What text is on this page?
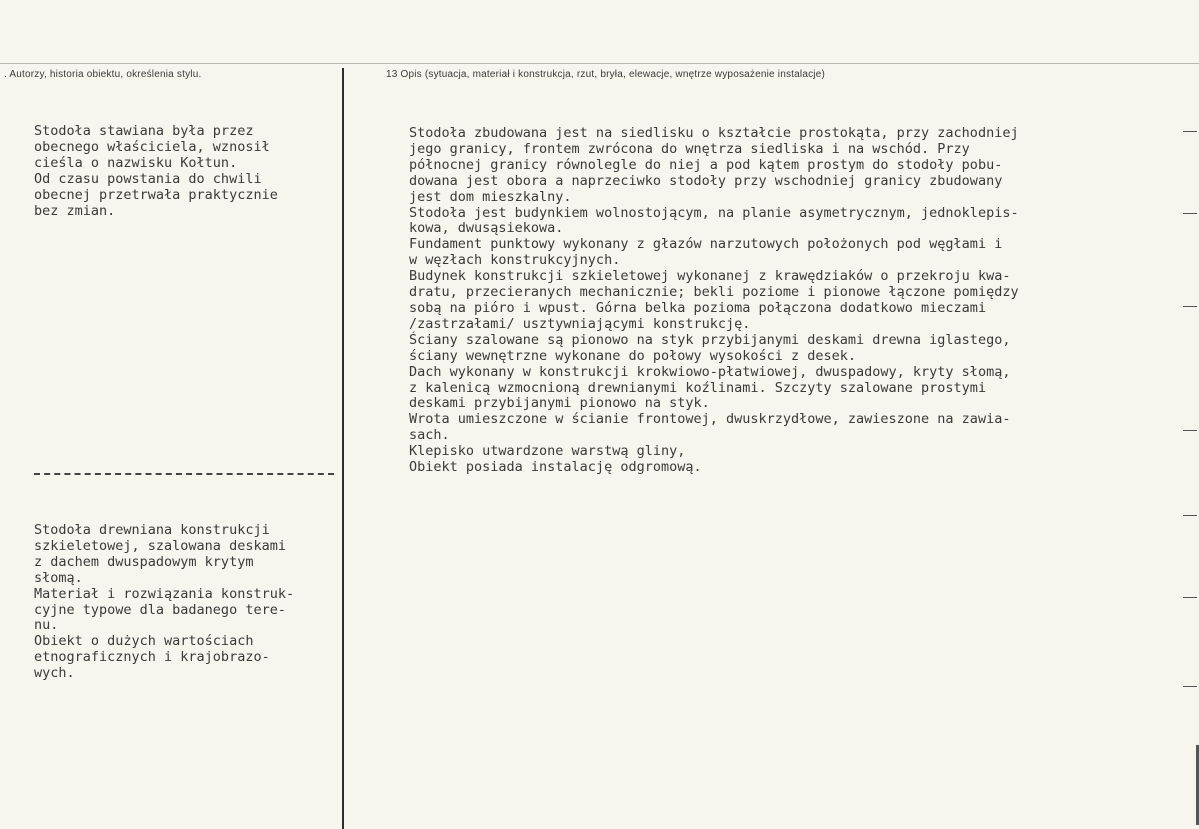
. Autorzy, historia obiektu, określenia stylu.	13 Opis (sytuacja, materiał i konstrukcja, rzut, bryła, elewacje, wnętrze wyposażenie instalacje)
Stodoła stawiana była przez
obecnego właściciela, wznosił
cieśla o nazwisku Kołtun.
Od czasu powstania do chwili
obecnej przetrwała praktycznie
bez zmian.
Stodoła drewniana konstrukcji
szkieletowej, szalowana deskami
z dachem dwuspadowym krytym
słomą.
Materiał i rozwiązania konstruk-
cyjne typowe dla badanego tere-
nu.
Obiekt o dużych wartościach
etnograficznych i krajobrazo-
wych.
Stodoła zbudowana jest na siedlisku o kształcie prostokąta, przy zachodniej
jego granicy, frontem zwrócona do wnętrza siedliska i na wschód. Przy
północnej granicy równolegle do niej a pod kątem prostym do stodoły pobu-
dowana jest obora a naprzeciwko stodoły przy wschodniej granicy zbudowany
jest dom mieszkalny.
Stodoła jest budynkiem wolnostojącym, na planie asymetrycznym, jednoklepis-
kowa, dwusąsiekowa.
Fundament punktowy wykonany z głazów narzutowych położonych pod węgłami i
w węzłach konstrukcyjnych.
Budynek konstrukcji szkieletowej wykonanej z krawędziaków o przekroju kwa-
dratu, przecieranych mechanicznie; bekli poziome i pionowe łączone pomiędzy
sobą na pióro i wpust. Górna belka pozioma połączona dodatkowo mieczami
/zastrzałami/ usztywniającymi konstrukcję.
Ściany szalowane są pionowo na styk przybijanymi deskami drewna iglastego,
ściany wewnętrzne wykonane do połowy wysokości z desek.
Dach wykonany w konstrukcji krokwiowo-płatwiowej, dwuspadowy, kryty słomą,
z kalenicą wzmocnioną drewnianymi koźlinami. Szczyty szalowane prostymi
deskami przybijanymi pionowo na styk.
Wrota umieszczone w ścianie frontowej, dwuskrzydłowe, zawieszone na zawia-
sach.
Klepisko utwardzone warstwą gliny,
Obiekt posiada instalację odgromową.
